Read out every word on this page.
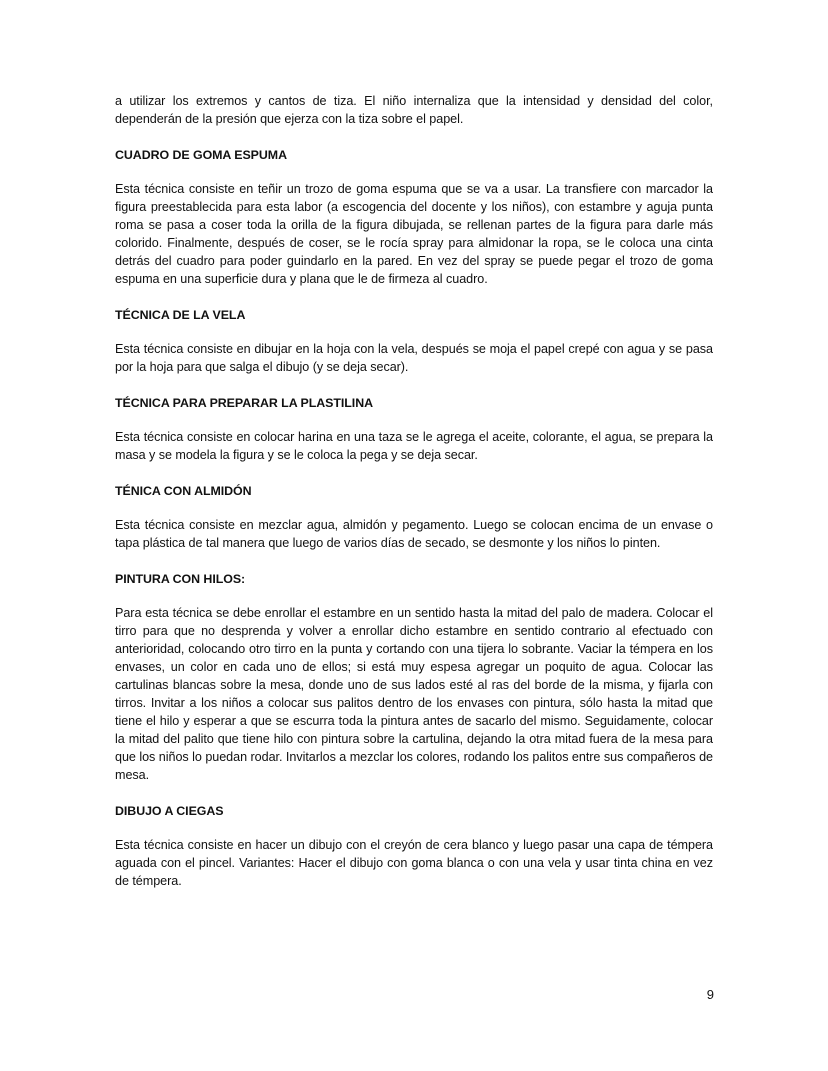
a utilizar los extremos y cantos de tiza. El niño internaliza que la intensidad y densidad del color, dependerán de la presión que ejerza con la tiza sobre el papel.

CUADRO DE GOMA ESPUMA

Esta técnica consiste en teñir un trozo de goma espuma que se va a usar. La transfiere con marcador la figura preestablecida para esta labor (a escogencia del docente y los niños), con estambre y aguja punta roma se pasa a coser toda la orilla de la figura dibujada, se rellenan partes de la figura para darle más colorido. Finalmente, después de coser, se le rocía spray para almidonar la ropa, se le coloca una cinta detrás del cuadro para poder guindarlo en la pared. En vez del spray se puede pegar el trozo de goma espuma en una superficie dura y plana que le de firmeza al cuadro.

TÉCNICA DE LA VELA

Esta técnica consiste en dibujar en la hoja con la vela, después se moja el papel crepé con agua y se pasa por la hoja para que salga el dibujo (y se deja secar).

TÉCNICA PARA PREPARAR LA PLASTILINA

Esta técnica consiste en colocar harina en una taza se le agrega el aceite, colorante, el agua, se prepara la masa y se modela la figura y se le coloca la pega y se deja secar.

TÉNICA CON ALMIDÓN

Esta técnica consiste en mezclar agua, almidón y pegamento. Luego se colocan encima de un envase o tapa plástica de tal manera que luego de varios días de secado, se desmonte y los niños lo pinten.

PINTURA CON HILOS:

Para esta técnica se debe enrollar el estambre en un sentido hasta la mitad del palo de madera. Colocar el tirro para que no desprenda y volver a enrollar dicho estambre en sentido contrario al efectuado con anterioridad, colocando otro tirro en la punta y cortando con una tijera lo sobrante. Vaciar la témpera en los envases, un color en cada uno de ellos; si está muy espesa agregar un poquito de agua. Colocar las cartulinas blancas sobre la mesa, donde uno de sus lados esté al ras del borde de la misma, y fijarla con tirros. Invitar a los niños a colocar sus palitos dentro de los envases con pintura, sólo hasta la mitad que tiene el hilo y esperar a que se escurra toda la pintura antes de sacarlo del mismo. Seguidamente, colocar la mitad del palito que tiene hilo con pintura sobre la cartulina, dejando la otra mitad fuera de la mesa para que los niños lo puedan rodar. Invitarlos a mezclar los colores, rodando los palitos entre sus compañeros de mesa.

DIBUJO A CIEGAS

Esta técnica consiste en hacer un dibujo con el creyón de cera blanco y luego pasar una capa de témpera aguada con el pincel. Variantes: Hacer el dibujo con goma blanca o con una vela y usar tinta china en vez de témpera.

9
